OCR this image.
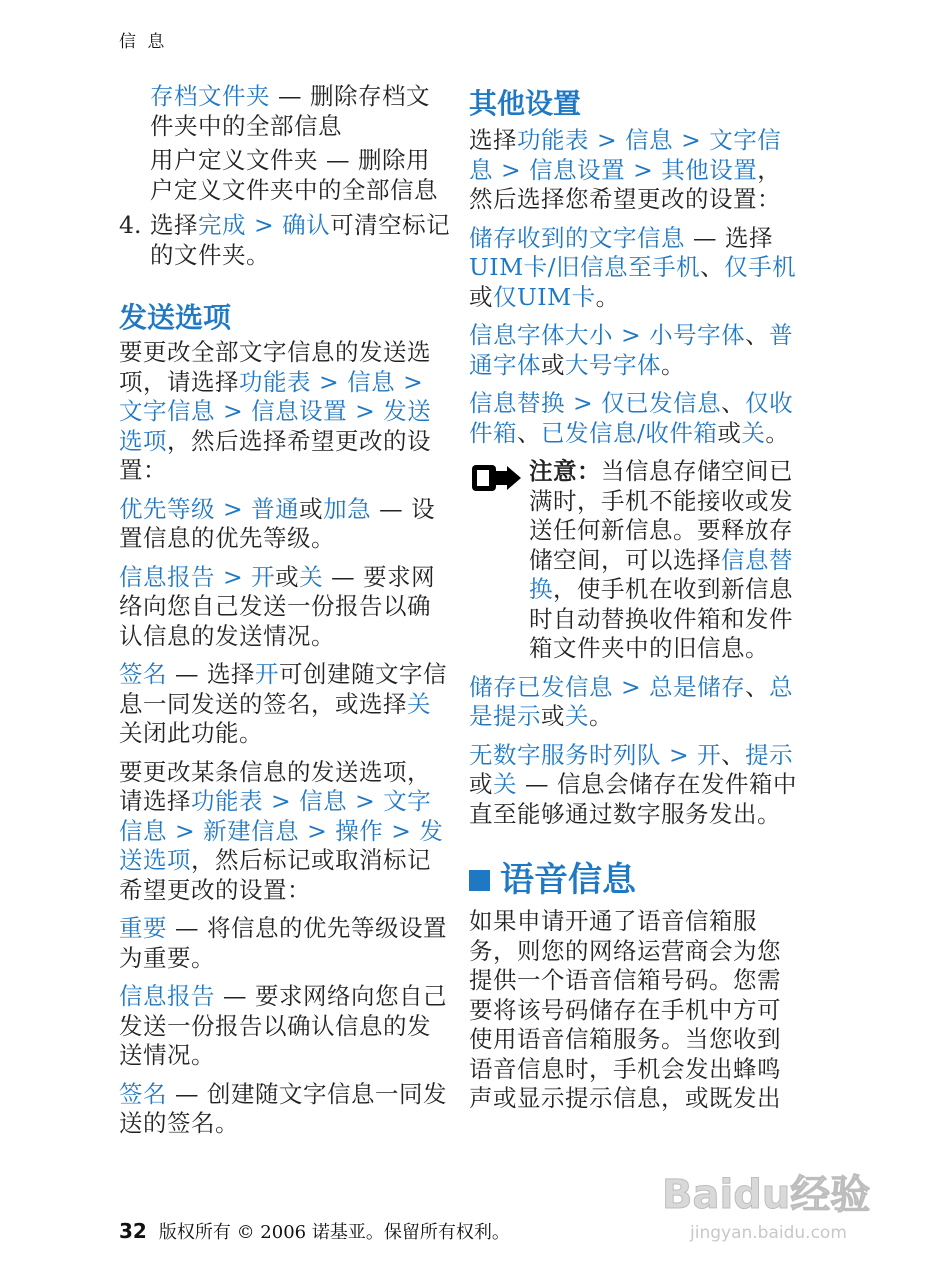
信 息

存档文件夹 — 删除存档文件夹中的全部信息

用户定义文件夹 — 删除用户定义文件夹中的全部信息

4. 选择完成 > 确认可清空标记的文件夹。

发送选项

要更改全部文字信息的发送选项，请选择功能表 > 信息 > 文字信息 > 信息设置 > 发送选项，然后选择希望更改的设置：

优先等级 > 普通或加急 — 设置信息的优先等级。

信息报告 > 开或关 — 要求网络向您自己发送一份报告以确认信息的发送情况。

签名 — 选择开可创建随文字信息一同发送的签名，或选择关关闭此功能。

要更改某条信息的发送选项，请选择功能表 > 信息 > 文字信息 > 新建信息 > 操作 > 发送选项，然后标记或取消标记希望更改的设置：

重要 — 将信息的优先等级设置为重要。

信息报告 — 要求网络向您自己发送一份报告以确认信息的发送情况。

签名 — 创建随文字信息一同发送的签名。

其他设置

选择功能表 > 信息 > 文字信息 > 信息设置 > 其他设置，然后选择您希望更改的设置：

储存收到的文字信息 — 选择UIM卡/旧信息至手机、仅手机或仅UIM卡。

信息字体大小 > 小号字体、普通字体或大号字体。

信息替换 > 仅已发信息、仅收件箱、已发信息/收件箱或关。

注意：当信息存储空间已满时，手机不能接收或发送任何新信息。要释放存储空间，可以选择信息替换，使手机在收到新信息时自动替换收件箱和发件箱文件夹中的旧信息。

储存已发信息 > 总是储存、总是提示或关。

无数字服务时列队 > 开、提示或关 — 信息会储存在发件箱中直至能够通过数字服务发出。

语音信息

如果申请开通了语音信箱服务，则您的网络运营商会为您提供一个语音信箱号码。您需要将该号码储存在手机中方可使用语音信箱服务。当您收到语音信息时，手机会发出蜂鸣声或显示提示信息，或既发出

Baidu经验
jingyan.baidu.com
32 版权所有 © 2006 诺基亚。保留所有权利。
